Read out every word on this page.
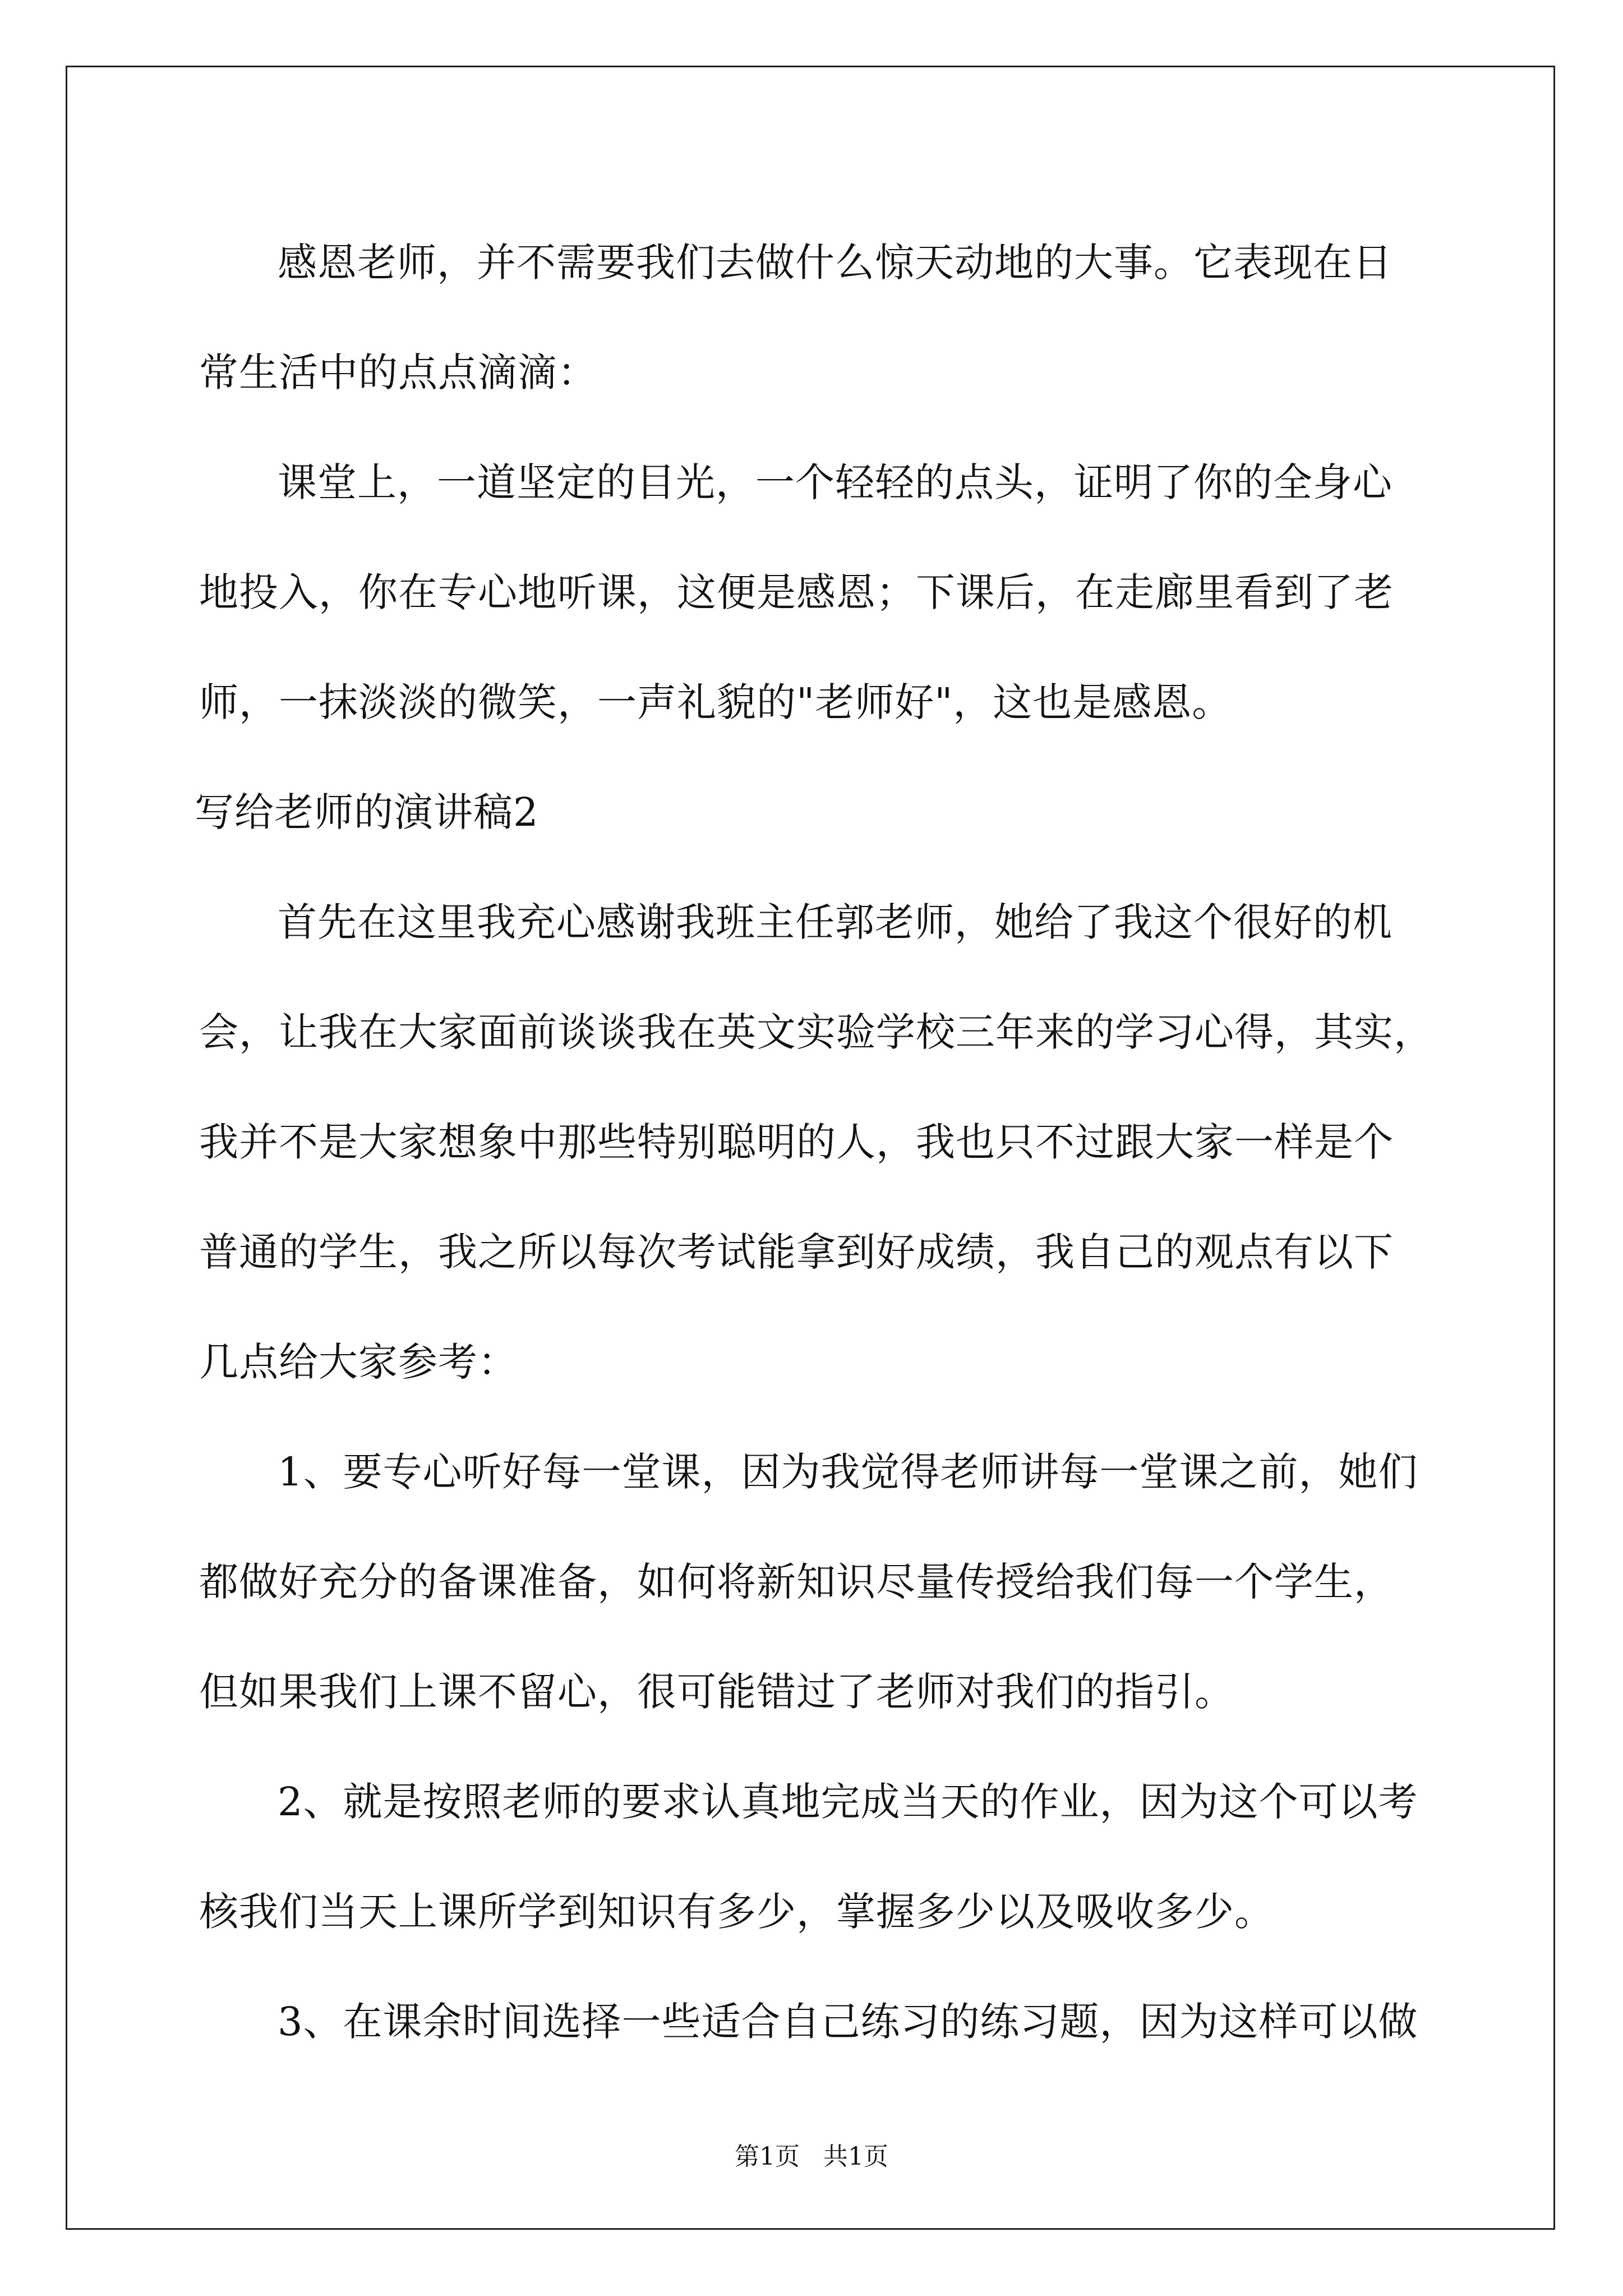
感恩老师，并不需要我们去做什么惊天动地的大事。它表现在日

常生活中的点点滴滴：

课堂上，一道坚定的目光，一个轻轻的点头，证明了你的全身心

地投入，你在专心地听课，这便是感恩；下课后，在走廊里看到了老

师，一抹淡淡的微笑，一声礼貌的"老师好"，这也是感恩。

写给老师的演讲稿2

首先在这里我充心感谢我班主任郭老师，她给了我这个很好的机

会，让我在大家面前谈谈我在英文实验学校三年来的学习心得，其实，

我并不是大家想象中那些特别聪明的人，我也只不过跟大家一样是个

普通的学生，我之所以每次考试能拿到好成绩，我自己的观点有以下

几点给大家参考：

1、要专心听好每一堂课，因为我觉得老师讲每一堂课之前，她们

都做好充分的备课准备，如何将新知识尽量传授给我们每一个学生，

但如果我们上课不留心，很可能错过了老师对我们的指引。

2、就是按照老师的要求认真地完成当天的作业，因为这个可以考

核我们当天上课所学到知识有多少，掌握多少以及吸收多少。

3、在课余时间选择一些适合自己练习的练习题，因为这样可以做

第1页 共1页
